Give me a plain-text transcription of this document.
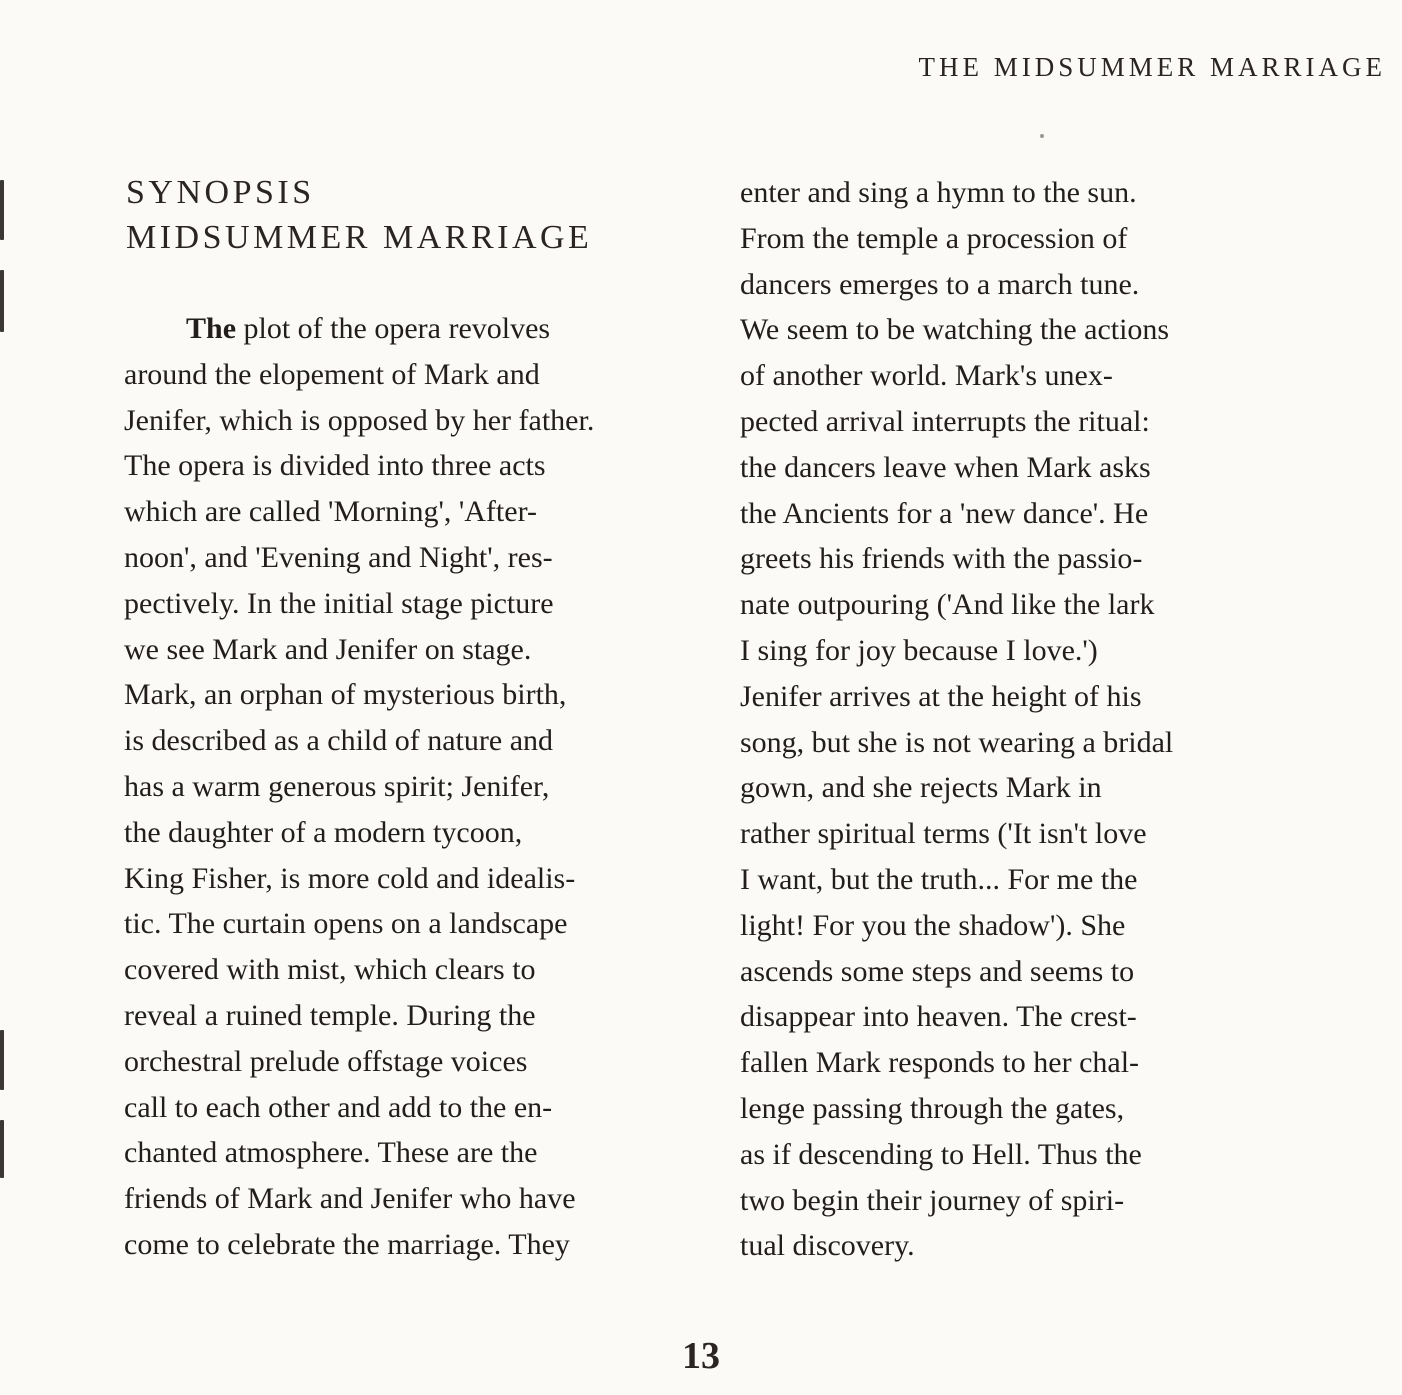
THE MIDSUMMER MARRIAGE
SYNOPSIS
MIDSUMMER MARRIAGE
The plot of the opera revolves
around the elopement of Mark and
Jenifer, which is opposed by her father.
The opera is divided into three acts
which are called 'Morning', 'After-
noon', and 'Evening and Night', res-
pectively. In the initial stage picture
we see Mark and Jenifer on stage.
Mark, an orphan of mysterious birth,
is described as a child of nature and
has a warm generous spirit; Jenifer,
the daughter of a modern tycoon,
King Fisher, is more cold and idealis-
tic. The curtain opens on a landscape
covered with mist, which clears to
reveal a ruined temple. During the
orchestral prelude offstage voices
call to each other and add to the en-
chanted atmosphere. These are the
friends of Mark and Jenifer who have
come to celebrate the marriage. They
enter and sing a hymn to the sun.
From the temple a procession of
dancers emerges to a march tune.
We seem to be watching the actions
of another world. Mark's unex-
pected arrival interrupts the ritual:
the dancers leave when Mark asks
the Ancients for a 'new dance'. He
greets his friends with the passio-
nate outpouring ('And like the lark
I sing for joy because I love.')
Jenifer arrives at the height of his
song, but she is not wearing a bridal
gown, and she rejects Mark in
rather spiritual terms ('It isn't love
I want, but the truth... For me the
light! For you the shadow'). She
ascends some steps and seems to
disappear into heaven. The crest-
fallen Mark responds to her chal-
lenge passing through the gates,
as if descending to Hell. Thus the
two begin their journey of spiri-
tual discovery.
13
